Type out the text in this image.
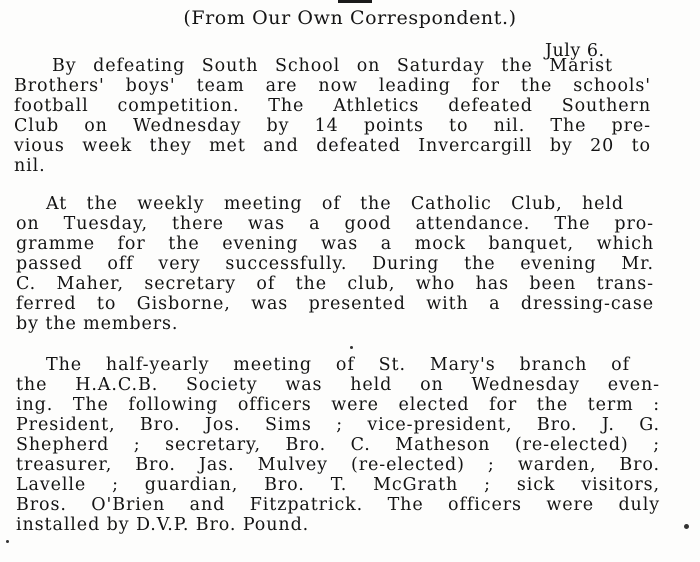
(From Our Own Correspondent.)
July 6.
By defeating South School on Saturday the Marist
Brothers' boys' team are now leading for the schools'
football competition. The Athletics defeated Southern
Club on Wednesday by 14 points to nil. The pre-
vious week they met and defeated Invercargill by 20 to
nil.
At the weekly meeting of the Catholic Club, held
on Tuesday, there was a good attendance. The pro-
gramme for the evening was a mock banquet, which
passed off very successfully. During the evening Mr.
C. Maher, secretary of the club, who has been trans-
ferred to Gisborne, was presented with a dressing-case
by the members.
The half-yearly meeting of St. Mary's branch of
the H.A.C.B. Society was held on Wednesday even-
ing. The following officers were elected for the term :
President, Bro. Jos. Sims ; vice-president, Bro. J. G.
Shepherd ; secretary, Bro. C. Matheson (re-elected) ;
treasurer, Bro. Jas. Mulvey (re-elected) ; warden, Bro.
Lavelle ; guardian, Bro. T. McGrath ; sick visitors,
Bros. O'Brien and Fitzpatrick. The officers were duly
installed by D.V.P. Bro. Pound.
